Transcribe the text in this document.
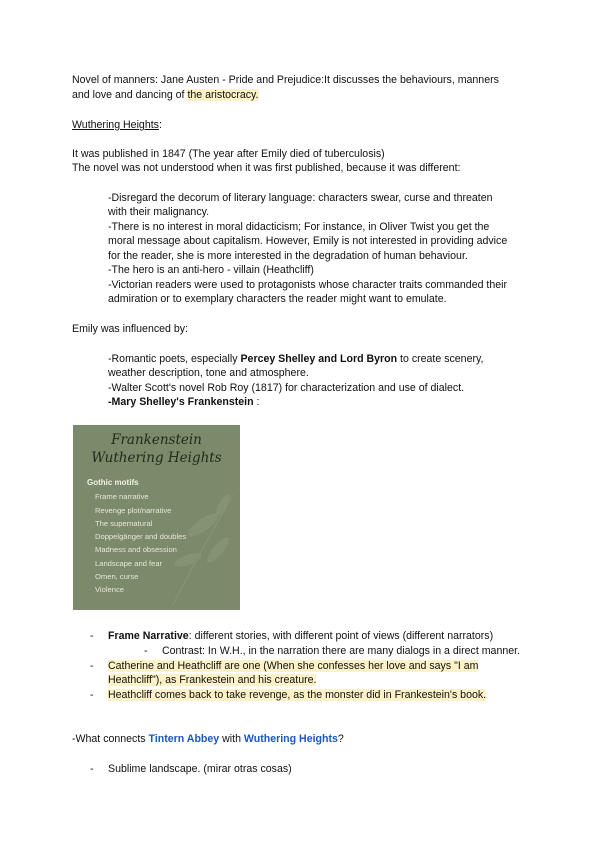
Novel of manners: Jane Austen - Pride and Prejudice:It discusses the behaviours, manners
and love and dancing of the aristocracy.
Wuthering Heights:
It was published in 1847 (The year after Emily died of tuberculosis)
The novel was not understood when it was first published, because it was different:
-Disregard the decorum of literary language: characters swear, curse and threaten
with their malignancy.
-There is no interest in moral didacticism; For instance, in Oliver Twist you get the
moral message about capitalism. However, Emily is not interested in providing advice
for the reader, she is more interested in the degradation of human behaviour.
-The hero is an anti-hero - villain (Heathcliff)
-Victorian readers were used to protagonists whose character traits commanded their
admiration or to exemplary characters the reader might want to emulate.
Emily was influenced by:
-Romantic poets, especially Percey Shelley and Lord Byron to create scenery,
weather description, tone and atmosphere.
-Walter Scott's novel Rob Roy (1817) for characterization and use of dialect.
-Mary Shelley's Frankenstein :
Frankenstein
Wuthering Heights
Gothic motifs
Frame narrative
Revenge plot/narrative
The supernatural
Doppelgänger and doubles
Madness and obsession
Landscape and fear
Omen, curse
Violence
- Frame Narrative: different stories, with different point of views (different narrators)
- Contrast: In W.H., in the narration there are many dialogs in a direct manner.
- Catherine and Heathcliff are one (When she confesses her love and says "I am
Heathcliff"), as Frankestein and his creature.
- Heathcliff comes back to take revenge, as the monster did in Frankestein's book.
-What connects Tintern Abbey with Wuthering Heights?
- Sublime landscape. (mirar otras cosas)
